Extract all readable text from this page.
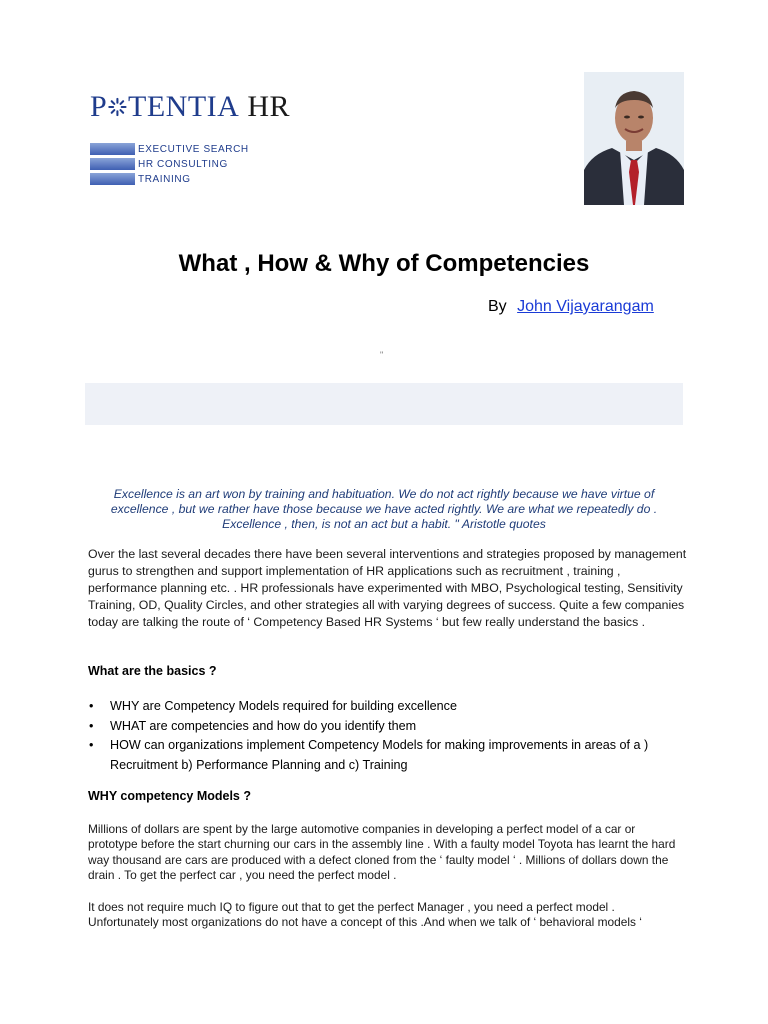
P TENTIA HR
EXECUTIVE SEARCH
HR CONSULTING
TRAINING
What , How & Why of Competencies
By John Vijayarangam
"
Excellence is an art won by training and habituation. We do not act rightly because we have virtue of excellence , but we rather have those because we have acted rightly. We are what we repeatedly do . Excellence , then, is not an act but a habit. " Aristotle quotes
Over the last several decades there have been several interventions and strategies proposed by management gurus to strengthen and support implementation of HR applications such as recruitment , training , performance planning etc. . HR professionals have experimented with MBO, Psychological testing, Sensitivity Training, OD, Quality Circles, and other strategies all with varying degrees of success. Quite a few companies today are talking the route of ‘ Competency Based HR Systems ‘ but few really understand the basics .
What are the basics ?
• WHY are Competency Models required for building excellence
• WHAT are competencies and how do you identify them
• HOW can organizations implement Competency Models for making improvements in areas of a ) Recruitment b) Performance Planning and c) Training
WHY competency Models ?
Millions of dollars are spent by the large automotive companies in developing a perfect model of a car or prototype before the start churning our cars in the assembly line . With a faulty model Toyota has learnt the hard way thousand are cars are produced with a defect cloned from the ‘ faulty model ‘ . Millions of dollars down the drain . To get the perfect car , you need the perfect model .
It does not require much IQ to figure out that to get the perfect Manager , you need a perfect model . Unfortunately most organizations do not have a concept of this .And when we talk of ‘ behavioral models ‘
